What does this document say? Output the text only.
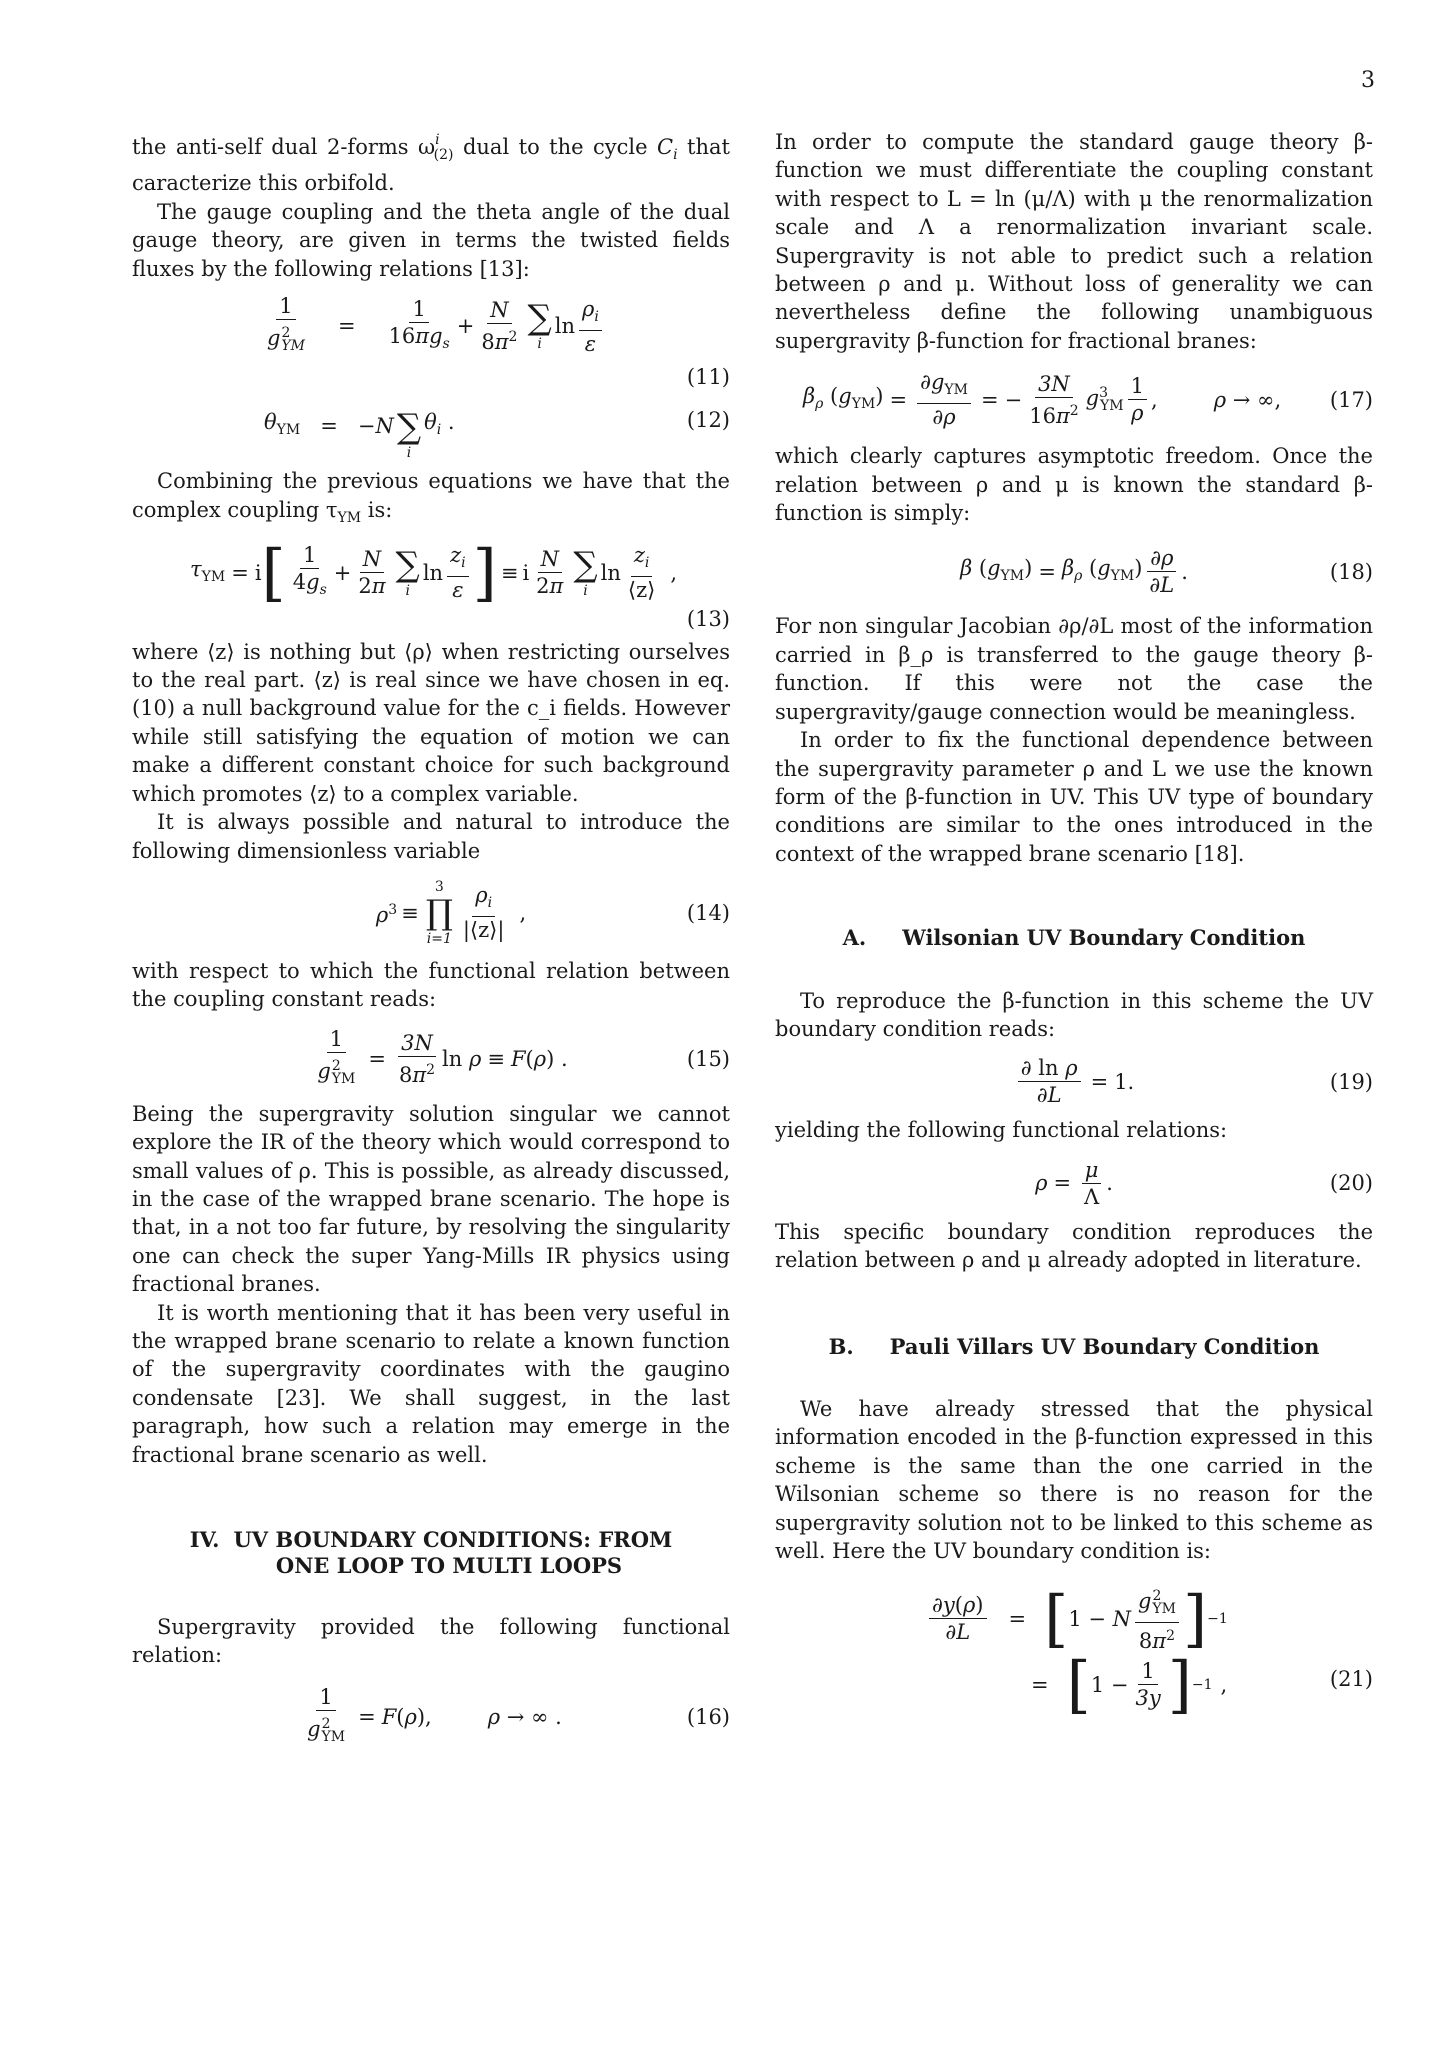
3

the anti-self dual 2-forms $\omega^i_{(2)}$ dual to the cycle $C_i$ that caracterize this orbifold.

The gauge coupling and the theta angle of the dual gauge theory, are given in terms the twisted fields fluxes by the following relations [13]:

$\frac{1}{g^2_{YM}} = \frac{1}{16\pi g_s} + \frac{N}{8\pi^2}$ ∑
i
$\ln \frac{\rho_i}{\varepsilon}$
(11)
$\theta_{YM} = -N$ ∑
i
$\theta_i$ .	(12)

Combining the previous equations we have that the complex coupling $\tau_{YM}$ is:

$\tau_{YM} = i$ [ $\frac{1}{4g_s} + \frac{N}{2\pi}$ ∑
i
$\ln \frac{z_i}{\varepsilon}$ ] ≡ i $\frac{N}{2\pi}$ ∑
i
$\ln \frac{z_i}{⟨z⟩}$ ,
(13)

where ⟨z⟩ is nothing but ⟨ρ⟩ when restricting ourselves to the real part. ⟨z⟩ is real since we have chosen in eq.(10) a null background value for the c_i fields. However while still satisfying the equation of motion we can make a different constant choice for such background which promotes ⟨z⟩ to a complex variable.

It is always possible and natural to introduce the following dimensionless variable

$\rho^3$ ≡
3
∏
$i=1 \frac{\rho_i}{|⟨z⟩|}$ ,	(14)

with respect to which the functional relation between the coupling constant reads:

$\frac{1}{g^2_{YM}} = \frac{3N}{8\pi^2}$ ln ρ ≡ F(ρ) .	(15)

Being the supergravity solution singular we cannot explore the IR of the theory which would correspond to small values of ρ. This is possible, as already discussed, in the case of the wrapped brane scenario. The hope is that, in a not too far future, by resolving the singularity one can check the super Yang-Mills IR physics using fractional branes.

It is worth mentioning that it has been very useful in the wrapped brane scenario to relate a known function of the supergravity coordinates with the gaugino condensate [23]. We shall suggest, in the last paragraph, how such a relation may emerge in the fractional brane scenario as well.

IV. UV BOUNDARY CONDITIONS: FROM
ONE LOOP TO MULTI LOOPS

Supergravity provided the following functional relation:

$\frac{1}{g^2_{YM}} = F(\rho)$,	ρ → ∞ .	(16)

In order to compute the standard gauge theory β-function we must differentiate the coupling constant with respect to L = ln (μ/Λ) with μ the renormalization scale and Λ a renormalization invariant scale. Supergravity is not able to predict such a relation between ρ and μ. Without loss of generality we can nevertheless define the following unambiguous supergravity β-function for fractional branes:

$\beta_\rho$ $(g_{YM}) = \frac{\partial g_{YM}}{\partial\rho}$ = − $\frac{3N}{16\pi^2} g^3_{YM} \frac{1}{\rho}$ ,	ρ → ∞, (17)

which clearly captures asymptotic freedom. Once the relation between ρ and μ is known the standard β-function is simply:

β $(g_{YM}) = \beta_\rho$ $(g_{YM}) \frac{\partial\rho}{\partial L}$ .	(18)

For non singular Jacobian ∂ρ/∂L most of the information carried in β_ρ is transferred to the gauge theory β-function. If this were not the case the supergravity/gauge connection would be meaningless.

In order to fix the functional dependence between the supergravity parameter ρ and L we use the known form of the β-function in UV. This UV type of boundary conditions are similar to the ones introduced in the context of the wrapped brane scenario [18].

A. Wilsonian UV Boundary Condition

To reproduce the β-function in this scheme the UV boundary condition reads:

$\frac{\text{∂ ln ρ}}{\partial L} = 1$.	(19)

yielding the following functional relations:

$\rho = \frac{\mu}{\Lambda}$ .	(20)

This specific boundary condition reproduces the relation between ρ and μ already adopted in literature.

B. Pauli Villars UV Boundary Condition

We have already stressed that the physical information encoded in the β-function expressed in this scheme is the same than the one carried in the Wilsonian scheme so there is no reason for the supergravity solution not to be linked to this scheme as well. Here the UV boundary condition is:

$\frac{\partial y(\rho)}{\partial L}$ = [ 1 − N $\frac{g^2_{YM}}{8\pi^2}$ ] −1
= [ $1 - \frac{1}{3y}$ ] −1 ,	(21)
